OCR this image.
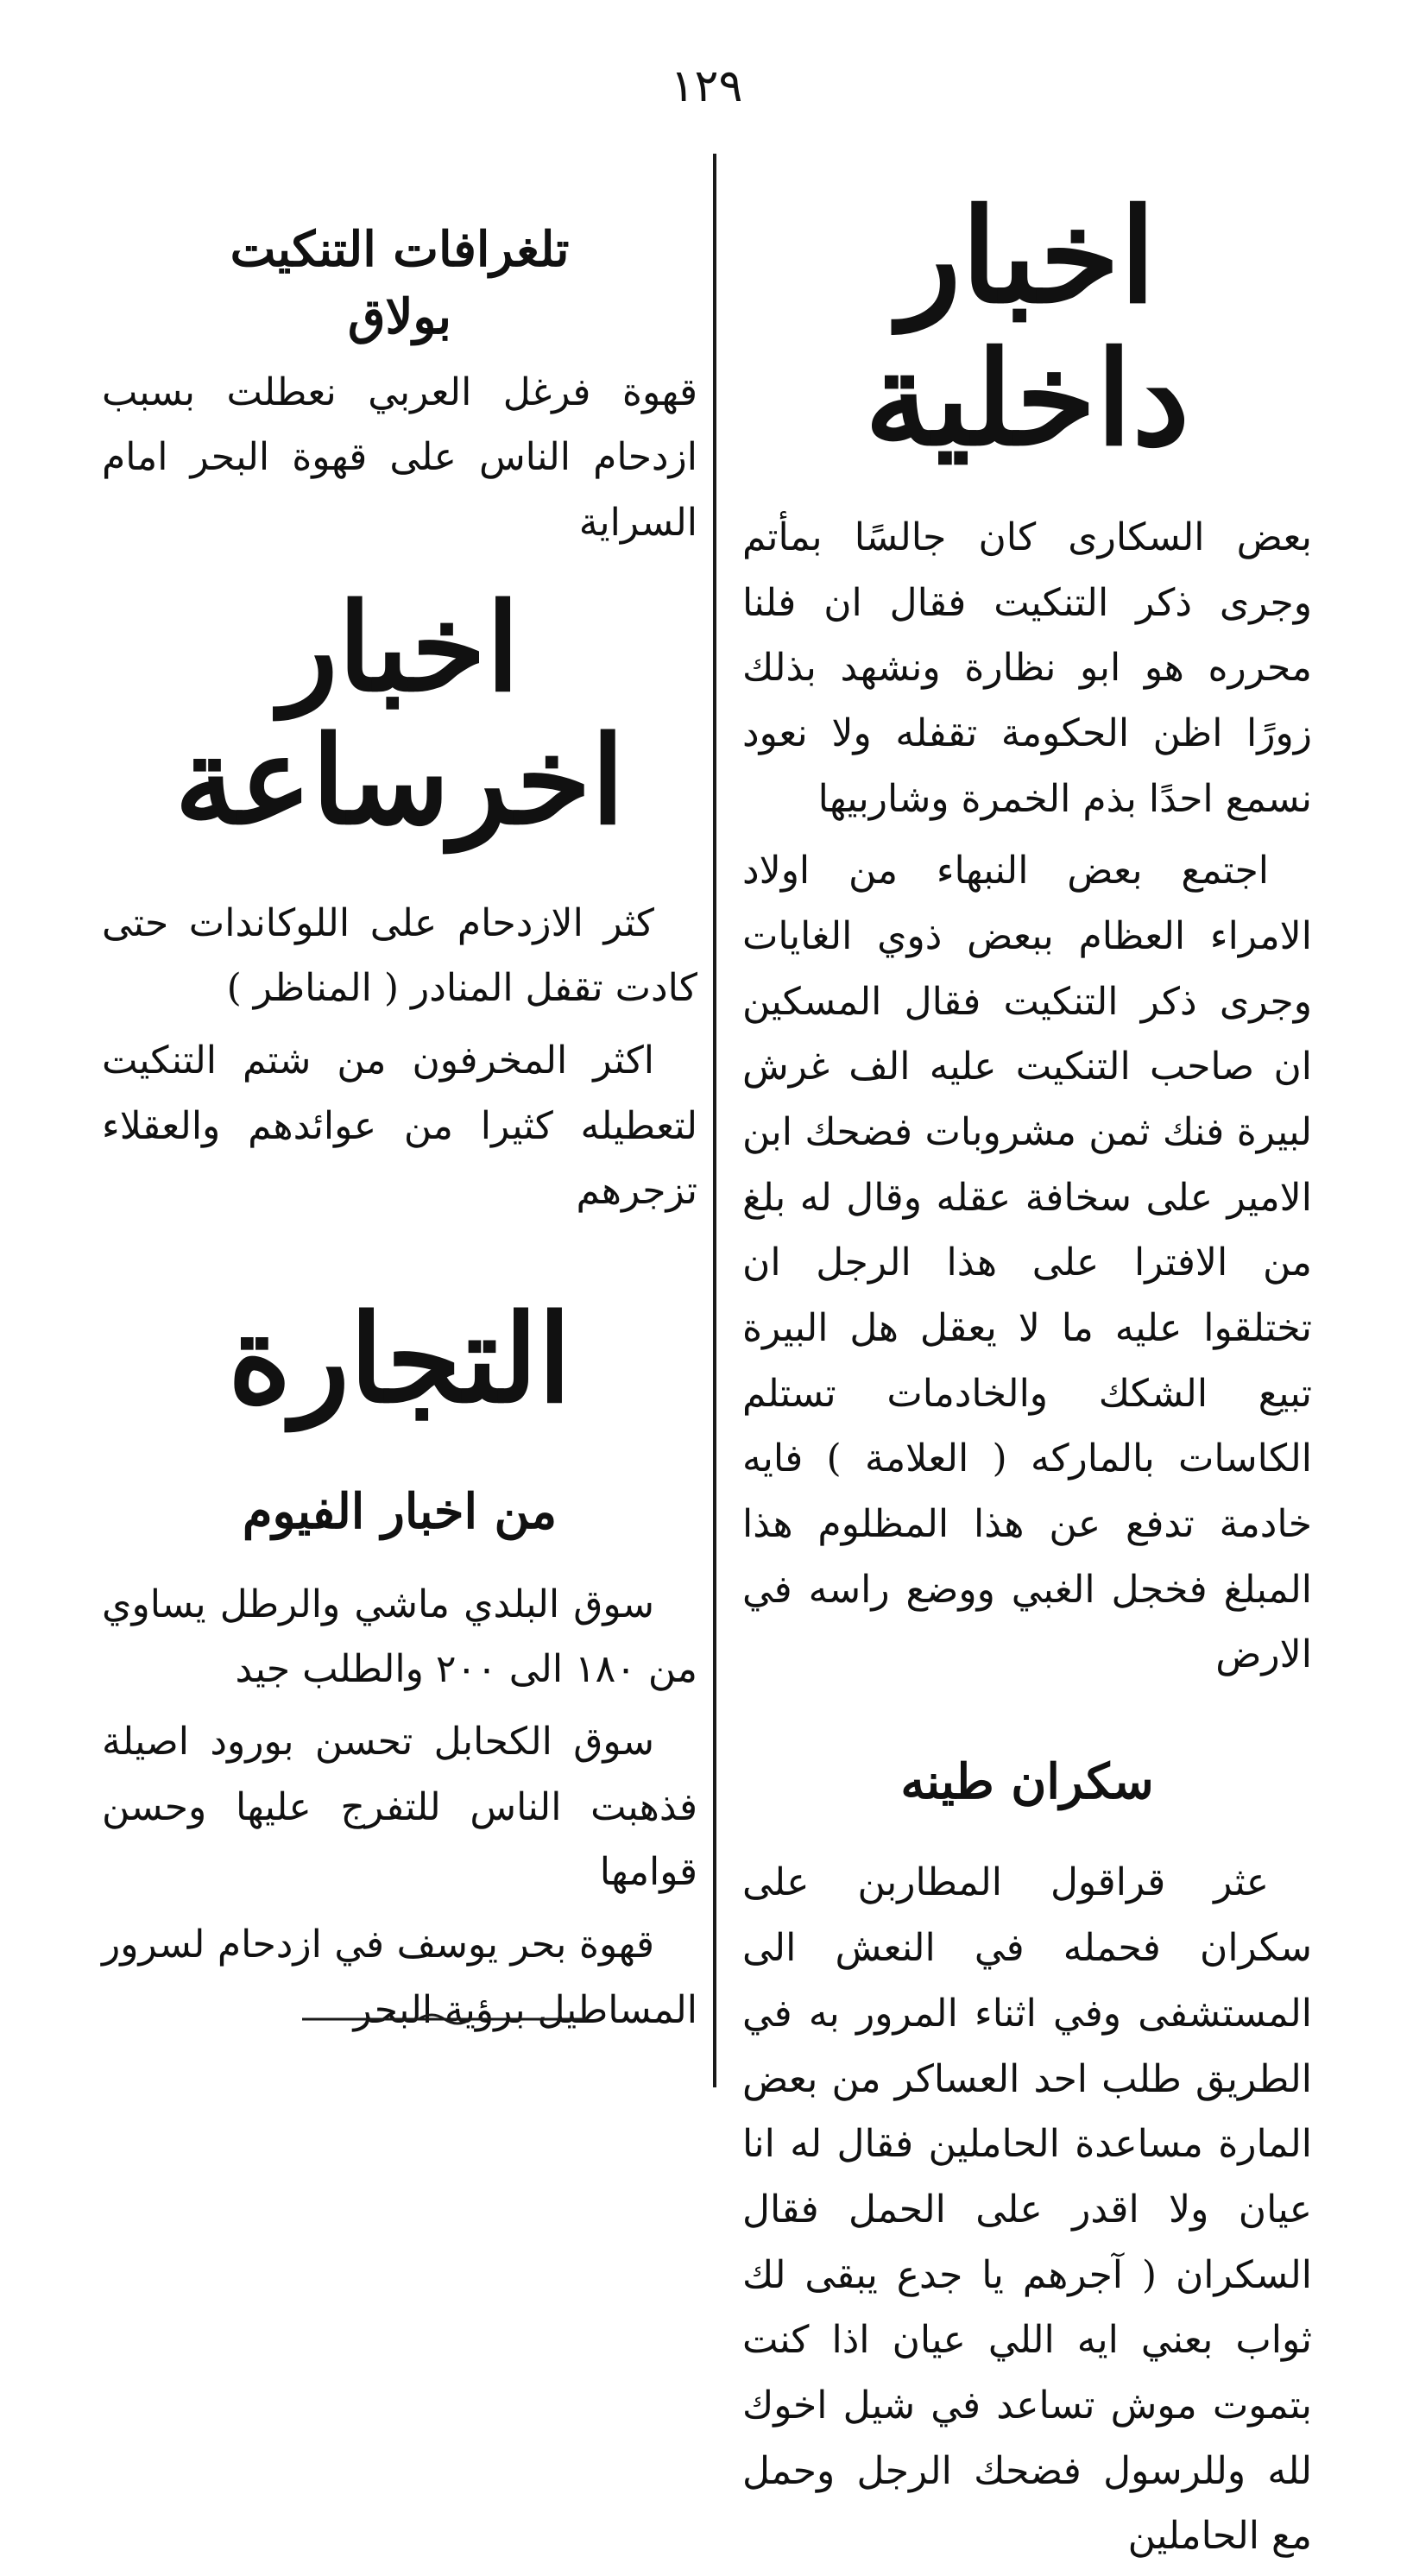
١٢٩
اخبار داخلية

بعض السكارى كان جالسًا بمأتم وجرى ذكر التنكيت فقال ان فلنا محرره هو ابو نظارة ونشهد بذلك زورًا اظن الحكومة تقفله ولا نعود نسمع احدًا بذم الخمرة وشاربيها

اجتمع بعض النبهاء من اولاد الامراء العظام ببعض ذوي الغايات وجرى ذكر التنكيت فقال المسكين ان صاحب التنكيت عليه الف غرش لبيرة فنك ثمن مشروبات فضحك ابن الامير على سخافة عقله وقال له بلغ من الافترا على هذا الرجل ان تختلقوا عليه ما لا يعقل هل البيرة تبيع الشكك والخادمات تستلم الكاسات بالماركه ( العلامة ) فايه خادمة تدفع عن هذا المظلوم هذا المبلغ فخجل الغبي ووضع راسه في الارض

سكران طينه

عثر قراقول المطاربن على سكران فحمله في النعش الى المستشفى وفي اثناء المرور به في الطريق طلب احد العساكر من بعض المارة مساعدة الحاملين فقال له انا عيان ولا اقدر على الحمل فقال السكران ( آجرهم يا جدع يبقى لك ثواب بعني ايه اللي عيان اذا كنت بتموت موش تساعد في شيل اخوك لله وللرسول فضحك الرجل وحمل مع الحاملين

تلغرافات التنكيت
بولاق

قهوة فرغل العربي نعطلت بسبب ازدحام الناس على قهوة البحر امام السراية

اخبار اخرساعة

كثر الازدحام على اللوكاندات حتى كادت تقفل المنادر ( المناظر )

اكثر المخرفون من شتم التنكيت لتعطيله كثيرا من عوائدهم والعقلاء تزجرهم

التجارة
من اخبار الفيوم

سوق البلدي ماشي والرطل يساوي من ١٨٠ الى ٢٠٠ والطلب جيد

سوق الكحابل تحسن بورود اصيلة فذهبت الناس للتفرج عليها وحسن قوامها

قهوة بحر يوسف في ازدحام لسرور المساطيل برؤية البحر
